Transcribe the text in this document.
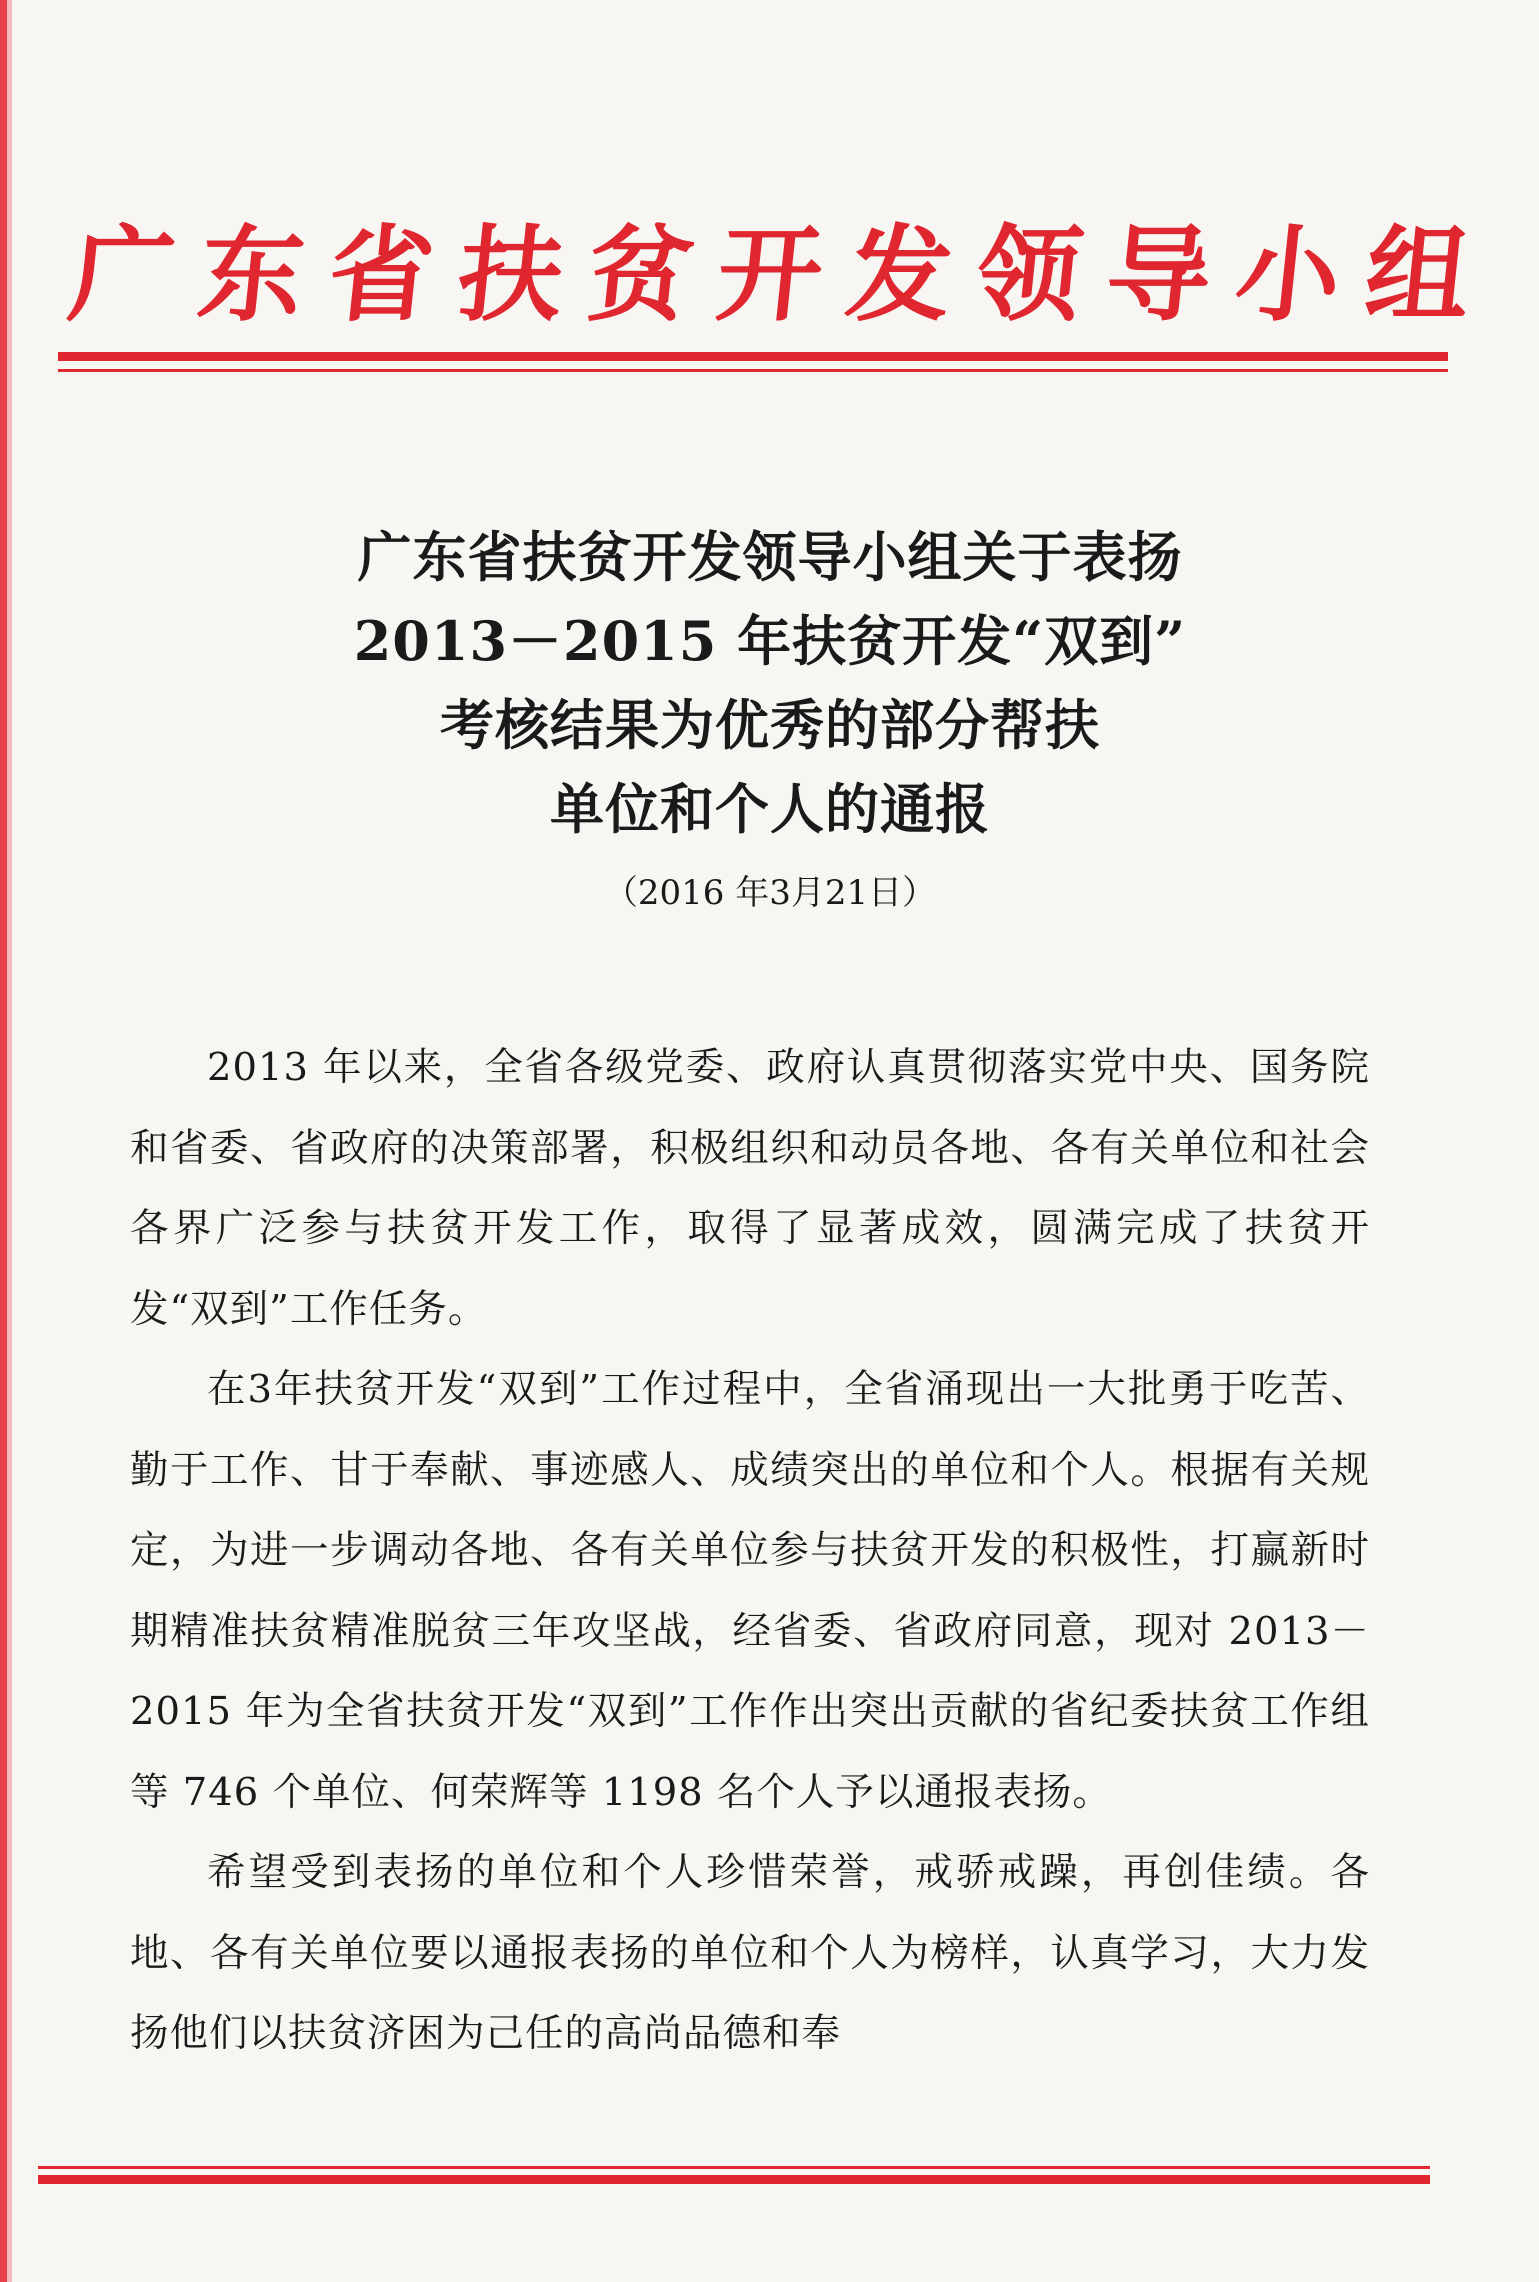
广 东 省 扶 贫 开 发 领 导 小 组
广东省扶贫开发领导小组关于表扬
2013－2015 年扶贫开发“双到”
考核结果为优秀的部分帮扶
单位和个人的通报
（2016 年3月21日）

2013 年以来，全省各级党委、政府认真贯彻落实党中央、国务院和省委、省政府的决策部署，积极组织和动员各地、各有关单位和社会各界广泛参与扶贫开发工作，取得了显著成效，圆满完成了扶贫开发“双到”工作任务。

在3年扶贫开发“双到”工作过程中，全省涌现出一大批勇于吃苦、勤于工作、甘于奉献、事迹感人、成绩突出的单位和个人。根据有关规定，为进一步调动各地、各有关单位参与扶贫开发的积极性，打赢新时期精准扶贫精准脱贫三年攻坚战，经省委、省政府同意，现对 2013－2015 年为全省扶贫开发“双到”工作作出突出贡献的省纪委扶贫工作组等 746 个单位、何荣辉等 1198 名个人予以通报表扬。

希望受到表扬的单位和个人珍惜荣誉，戒骄戒躁，再创佳绩。各地、各有关单位要以通报表扬的单位和个人为榜样，认真学习，大力发扬他们以扶贫济困为己任的高尚品德和奉
